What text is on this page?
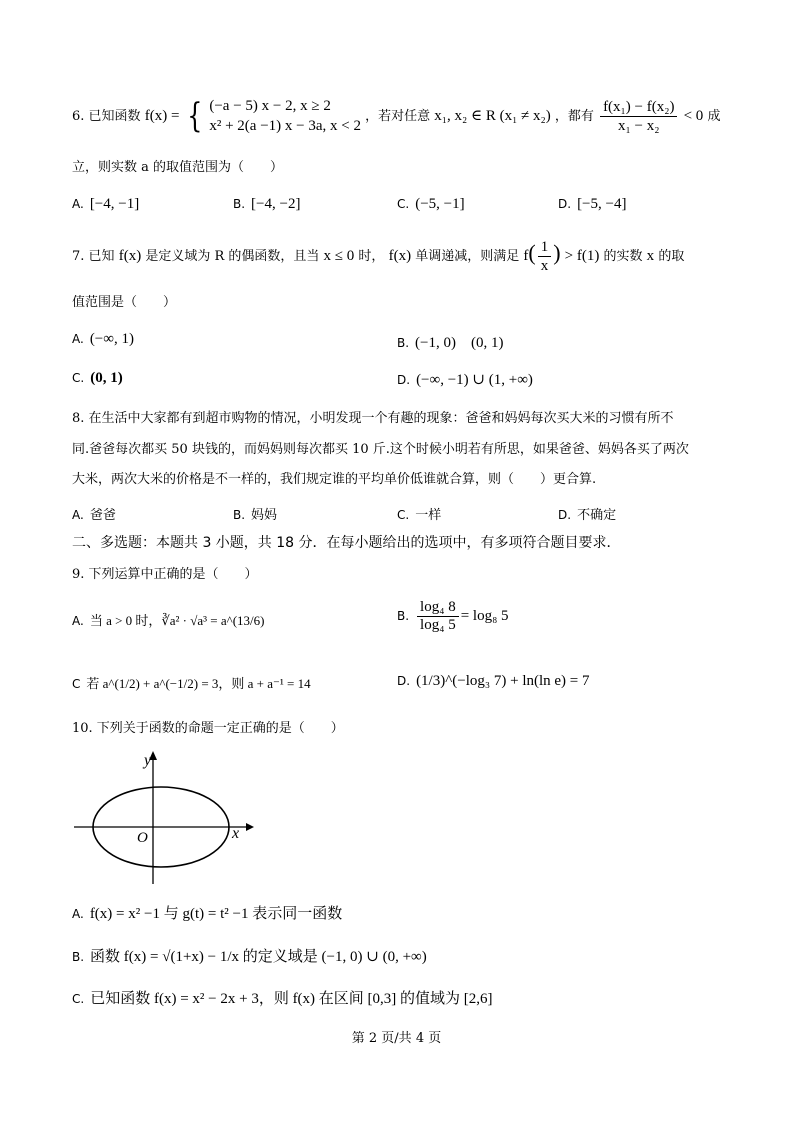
6. 已知函数 f(x) = { (−a − 5) x − 2, x ≥ 2
x² + 2(a −1) x − 3a, x < 2
，若对任意 x₁, x₂ ∈ R (x₁ ≠ x₂) ，都有 $\frac{\text{f(x₁) − f(x₂)}}{\text{x₁ − x₂}} < 0$ 成
立，则实数 a 的取值范围为（　　）
A. [−4, −1]	B. [−4, −2]	C. (−5, −1]	D. [−5, −4]
7. 已知 f(x) 是定义域为 R 的偶函数，且当 x ≤ 0 时， f(x) 单调递减，则满足 $f( \frac{1}{x}$ ) > f(1) 的实数 x 的取
值范围是（　　）
A. (−∞, 1)	B. (−1, 0)　(0, 1)
C. (0, 1)	D. (−∞, −1) ∪ (1, +∞)
8. 在生活中大家都有到超市购物的情况，小明发现一个有趣的现象：爸爸和妈妈每次买大米的习惯有所不
同.爸爸每次都买 50 块钱的，而妈妈则每次都买 10 斤.这个时候小明若有所思，如果爸爸、妈妈各买了两次
大米，两次大米的价格是不一样的，我们规定谁的平均单价低谁就合算，则（　　）更合算.
A. 爸爸	B. 妈妈	C. 一样	D. 不确定
二、多选题：本题共 3 小题，共 18 分．在每小题给出的选项中，有多项符合题目要求．
9. 下列运算中正确的是（　　）
A. 当 a > 0 时，∛a² · √a³ = a^(13/6)	B. $\frac{\text{log₄ 8}}{\text{log₄ 5}} = \log_8$ 5
C 若 a^(1/2) + a^(−1/2) = 3，则 a + a⁻¹ = 14	D. (1/3)^(−log₃ 7) + ln(ln e) = 7
10. 下列关于函数的命题一定正确的是（　　）
y
x
O
A. f(x) = x² −1 与 g(t) = t² −1 表示同一函数
B. 函数 f(x) = √(1+x) − 1/x 的定义域是 (−1, 0) ∪ (0, +∞)
C. 已知函数 f(x) = x² − 2x + 3，则 f(x) 在区间 [0,3] 的值域为 [2,6]
第 2 页/共 4 页
